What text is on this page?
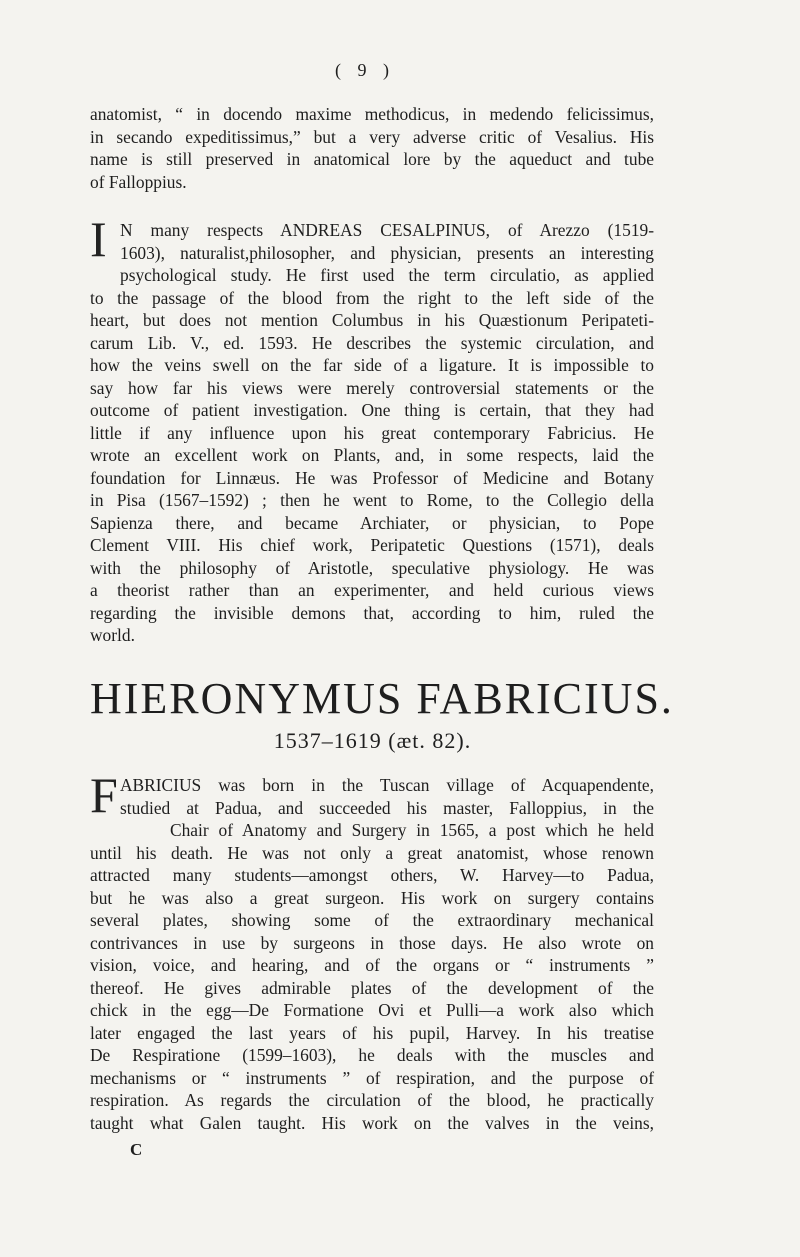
( 9 )
anatomist, “ in docendo maxime methodicus, in medendo felicissimus,
in secando expeditissimus,” but a very adverse critic of Vesalius. His
name is still preserved in anatomical lore by the aqueduct and tube
of Falloppius.
I N many respects ANDREAS CESALPINUS, of Arezzo (1519-
1603), naturalist,philosopher, and physician, presents an interesting
psychological study. He first used the term circulatio, as applied
to the passage of the blood from the right to the left side of the
heart, but does not mention Columbus in his Quæstionum Peripateti-
carum Lib. V., ed. 1593. He describes the systemic circulation, and
how the veins swell on the far side of a ligature. It is impossible to
say how far his views were merely controversial statements or the
outcome of patient investigation. One thing is certain, that they had
little if any influence upon his great contemporary Fabricius. He
wrote an excellent work on Plants, and, in some respects, laid the
foundation for Linnæus. He was Professor of Medicine and Botany
in Pisa (1567–1592) ; then he went to Rome, to the Collegio della
Sapienza there, and became Archiater, or physician, to Pope
Clement VIII. His chief work, Peripatetic Questions (1571), deals
with the philosophy of Aristotle, speculative physiology. He was
a theorist rather than an experimenter, and held curious views
regarding the invisible demons that, according to him, ruled the
world.
HIERONYMUS FABRICIUS.
1537–1619 (æt. 82).
F ABRICIUS was born in the Tuscan village of Acquapendente,
studied at Padua, and succeeded his master, Falloppius, in the
Chair of Anatomy and Surgery in 1565, a post which he held
until his death. He was not only a great anatomist, whose renown
attracted many students—amongst others, W. Harvey—to Padua,
but he was also a great surgeon. His work on surgery contains
several plates, showing some of the extraordinary mechanical
contrivances in use by surgeons in those days. He also wrote on
vision, voice, and hearing, and of the organs or “ instruments ”
thereof. He gives admirable plates of the development of the
chick in the egg—De Formatione Ovi et Pulli—a work also which
later engaged the last years of his pupil, Harvey. In his treatise
De Respiratione (1599–1603), he deals with the muscles and
mechanisms or “ instruments ” of respiration, and the purpose of
respiration. As regards the circulation of the blood, he practically
taught what Galen taught. His work on the valves in the veins,
C
